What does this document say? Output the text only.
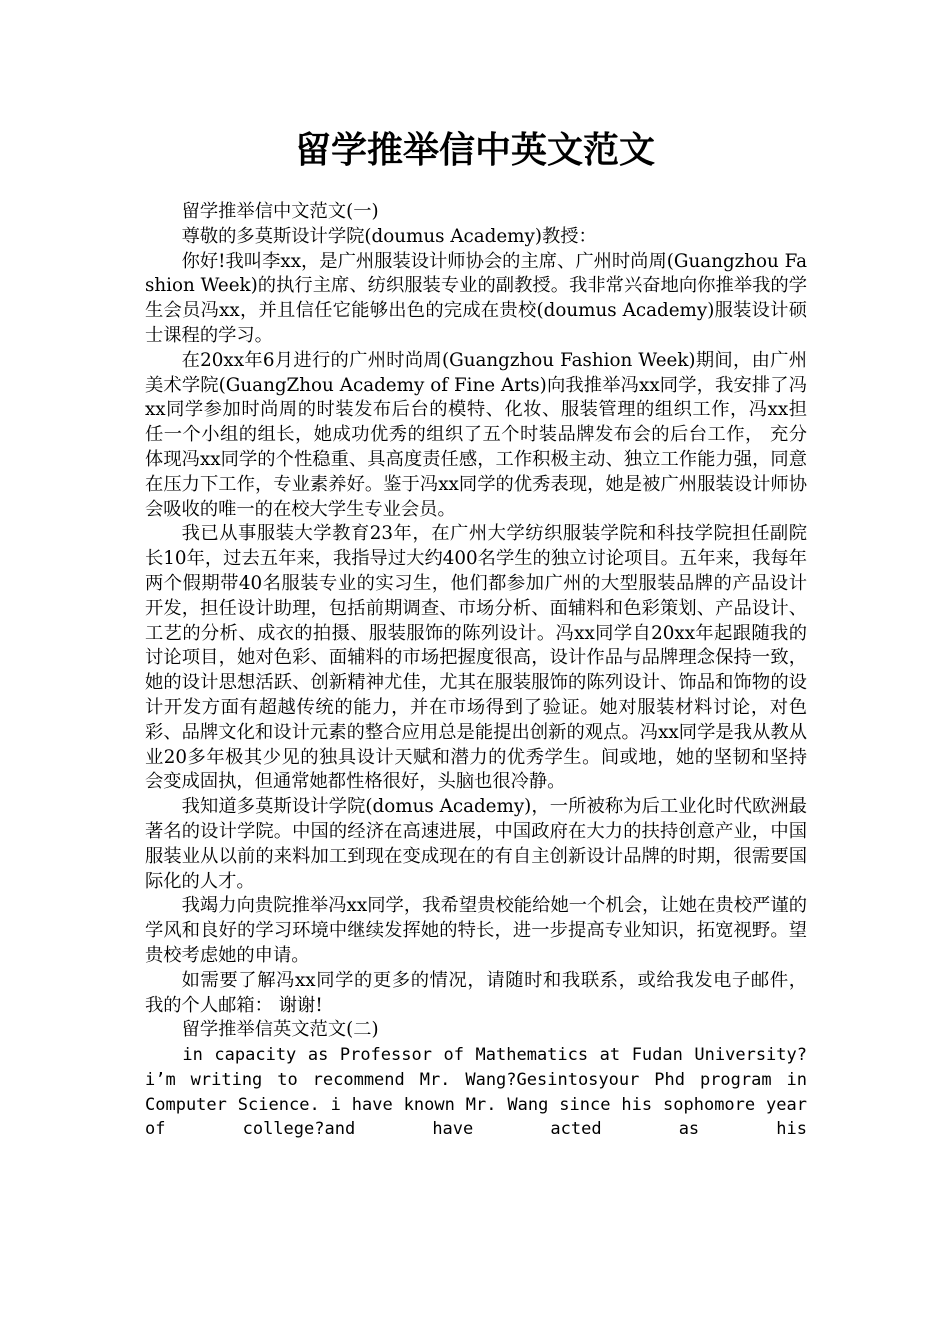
留学推举信中英文范文

留学推举信中文范文(一)

尊敬的多莫斯设计学院(doumus Academy)教授：

你好!我叫李xx，是广州服装设计师协会的主席、广州时尚周(Guangzhou Fashion Week)的执行主席、纺织服装专业的副教授。我非常兴奋地向你推举我的学生会员冯xx，并且信任它能够出色的完成在贵校(doumus Academy)服装设计硕士课程的学习。

在20xx年6月进行的广州时尚周(Guangzhou Fashion Week)期间，由广州美术学院(GuangZhou Academy of Fine Arts)向我推举冯xx同学，我安排了冯xx同学参加时尚周的时装发布后台的模特、化妆、服装管理的组织工作，冯xx担任一个小组的组长，她成功优秀的组织了五个时装品牌发布会的后台工作， 充分体现冯xx同学的个性稳重、具高度责任感，工作积极主动、独立工作能力强，同意在压力下工作，专业素养好。鉴于冯xx同学的优秀表现，她是被广州服装设计师协会吸收的唯一的在校大学生专业会员。

我已从事服装大学教育23年，在广州大学纺织服装学院和科技学院担任副院长10年，过去五年来，我指导过大约400名学生的独立讨论项目。五年来，我每年两个假期带40名服装专业的实习生，他们都参加广州的大型服装品牌的产品设计开发，担任设计助理，包括前期调查、市场分析、面辅料和色彩策划、产品设计、工艺的分析、成衣的拍摄、服装服饰的陈列设计。冯xx同学自20xx年起跟随我的讨论项目，她对色彩、面辅料的市场把握度很高，设计作品与品牌理念保持一致，她的设计思想活跃、创新精神尤佳，尤其在服装服饰的陈列设计、饰品和饰物的设计开发方面有超越传统的能力，并在市场得到了验证。她对服装材料讨论，对色彩、品牌文化和设计元素的整合应用总是能提出创新的观点。冯xx同学是我从教从业20多年极其少见的独具设计天赋和潜力的优秀学生。间或地，她的坚韧和坚持会变成固执，但通常她都性格很好，头脑也很冷静。

我知道多莫斯设计学院(domus Academy)，一所被称为后工业化时代欧洲最著名的设计学院。中国的经济在高速进展，中国政府在大力的扶持创意产业，中国服装业从以前的来料加工到现在变成现在的有自主创新设计品牌的时期，很需要国际化的人才。

我竭力向贵院推举冯xx同学，我希望贵校能给她一个机会，让她在贵校严谨的学风和良好的学习环境中继续发挥她的特长，进一步提高专业知识，拓宽视野。望贵校考虑她的申请。

如需要了解冯xx同学的更多的情况，请随时和我联系，或给我发电子邮件， 我的个人邮箱： 谢谢!

留学推举信英文范文(二)

in capacity as Professor of Mathematics at Fudan University?i’m writing to recommend Mr. Wang?Gesintosyour Phd program in Computer Science. i have known Mr. Wang since his sophomore year of college?and have acted as his
